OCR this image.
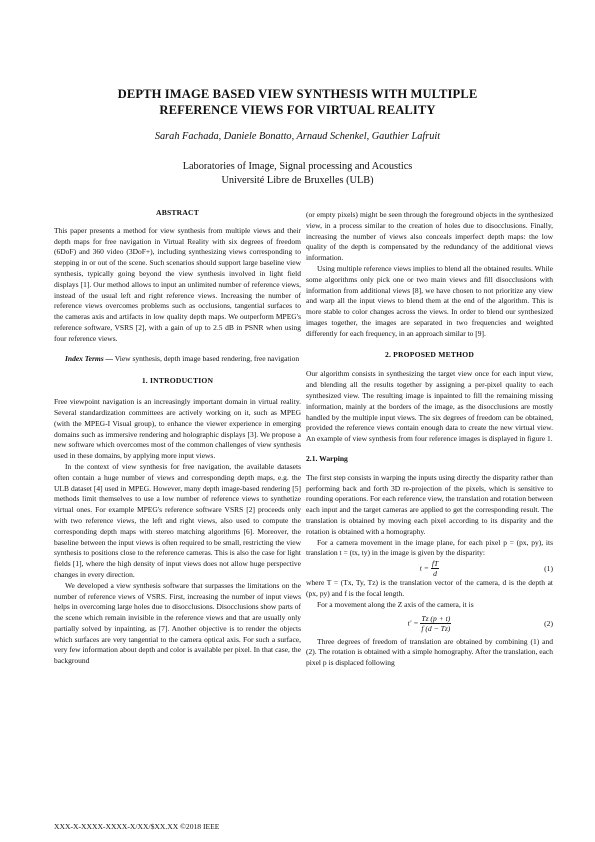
DEPTH IMAGE BASED VIEW SYNTHESIS WITH MULTIPLE
REFERENCE VIEWS FOR VIRTUAL REALITY
Sarah Fachada, Daniele Bonatto, Arnaud Schenkel, Gauthier Lafruit
Laboratories of Image, Signal processing and Acoustics
Université Libre de Bruxelles (ULB)

ABSTRACT

This paper presents a method for view synthesis from multiple views and their depth maps for free navigation in Virtual Reality with six degrees of freedom (6DoF) and 360 video (3DoF+), including synthesizing views corresponding to stepping in or out of the scene. Such scenarios should support large baseline view synthesis, typically going beyond the view synthesis involved in light field displays [1]. Our method allows to input an unlimited number of reference views, instead of the usual left and right reference views. Increasing the number of reference views overcomes problems such as occlusions, tangential surfaces to the cameras axis and artifacts in low quality depth maps. We outperform MPEG's reference software, VSRS [2], with a gain of up to 2.5 dB in PSNR when using four reference views.

Index Terms — View synthesis, depth image based rendering, free navigation

1. INTRODUCTION

Free viewpoint navigation is an increasingly important domain in virtual reality. Several standardization committees are actively working on it, such as MPEG (with the MPEG-I Visual group), to enhance the viewer experience in emerging domains such as immersive rendering and holographic displays [3]. We propose a new software which overcomes most of the common challenges of view synthesis used in these domains, by applying more input views.

In the context of view synthesis for free navigation, the available datasets often contain a huge number of views and corresponding depth maps, e.g. the ULB dataset [4] used in MPEG. However, many depth image-based rendering [5] methods limit themselves to use a low number of reference views to synthetize virtual ones. For example MPEG's reference software VSRS [2] proceeds only with two reference views, the left and right views, also used to compute the corresponding depth maps with stereo matching algorithms [6]. Moreover, the baseline between the input views is often required to be small, restricting the view synthesis to positions close to the reference cameras. This is also the case for light fields [1], where the high density of input views does not allow huge perspective changes in every direction.

We developed a view synthesis software that surpasses the limitations on the number of reference views of VSRS. First, increasing the number of input views helps in overcoming large holes due to disocclusions. Disocclusions show parts of the scene which remain invisible in the reference views and that are usually only partially solved by inpainting, as [7]. Another objective is to render the objects which surfaces are very tangential to the camera optical axis. For such a surface, very few information about depth and color is available per pixel. In that case, the background

(or empty pixels) might be seen through the foreground objects in the synthesized view, in a process similar to the creation of holes due to disocclusions. Finally, increasing the number of views also conceals imperfect depth maps: the low quality of the depth is compensated by the redundancy of the additional views information.

Using multiple reference views implies to blend all the obtained results. While some algorithms only pick one or two main views and fill disocclusions with information from additional views [8], we have chosen to not prioritize any view and warp all the input views to blend them at the end of the algorithm. This is more stable to color changes across the views. In order to blend our synthesized images together, the images are separated in two frequencies and weighted differently for each frequency, in an approach similar to [9].

2. PROPOSED METHOD

Our algorithm consists in synthesizing the target view once for each input view, and blending all the results together by assigning a per-pixel quality to each synthesized view. The resulting image is inpainted to fill the remaining missing information, mainly at the borders of the image, as the disocclusions are mostly handled by the multiple input views. The six degrees of freedom can be obtained, provided the reference views contain enough data to create the new virtual view. An example of view synthesis from four reference images is displayed in figure 1.

2.1. Warping

The first step consists in warping the inputs using directly the disparity rather than performing back and forth 3D re-projection of the pixels, which is sensitive to rounding operations. For each reference view, the translation and rotation between each input and the target cameras are applied to get the corresponding result. The translation is obtained by moving each pixel according to its disparity and the rotation is obtained with a homography.

For a camera movement in the image plane, for each pixel p = (px, py), its translation t = (tx, ty) in the image is given by the disparity:

$t = \frac{fT}{d}$	(1)

where T = (Tx, Ty, Tz) is the translation vector of the camera, d is the depth at (px, py) and f is the focal length.

For a movement along the Z axis of the camera, it is

$t' = \frac{Tz (p + t)}{f (d - Tz)}$	(2)

Three degrees of freedom of translation are obtained by combining (1) and (2). The rotation is obtained with a simple homography. After the translation, each pixel p is displaced following

XXX-X-XXXX-XXXX-X/XX/$XX.XX ©2018 IEEE
